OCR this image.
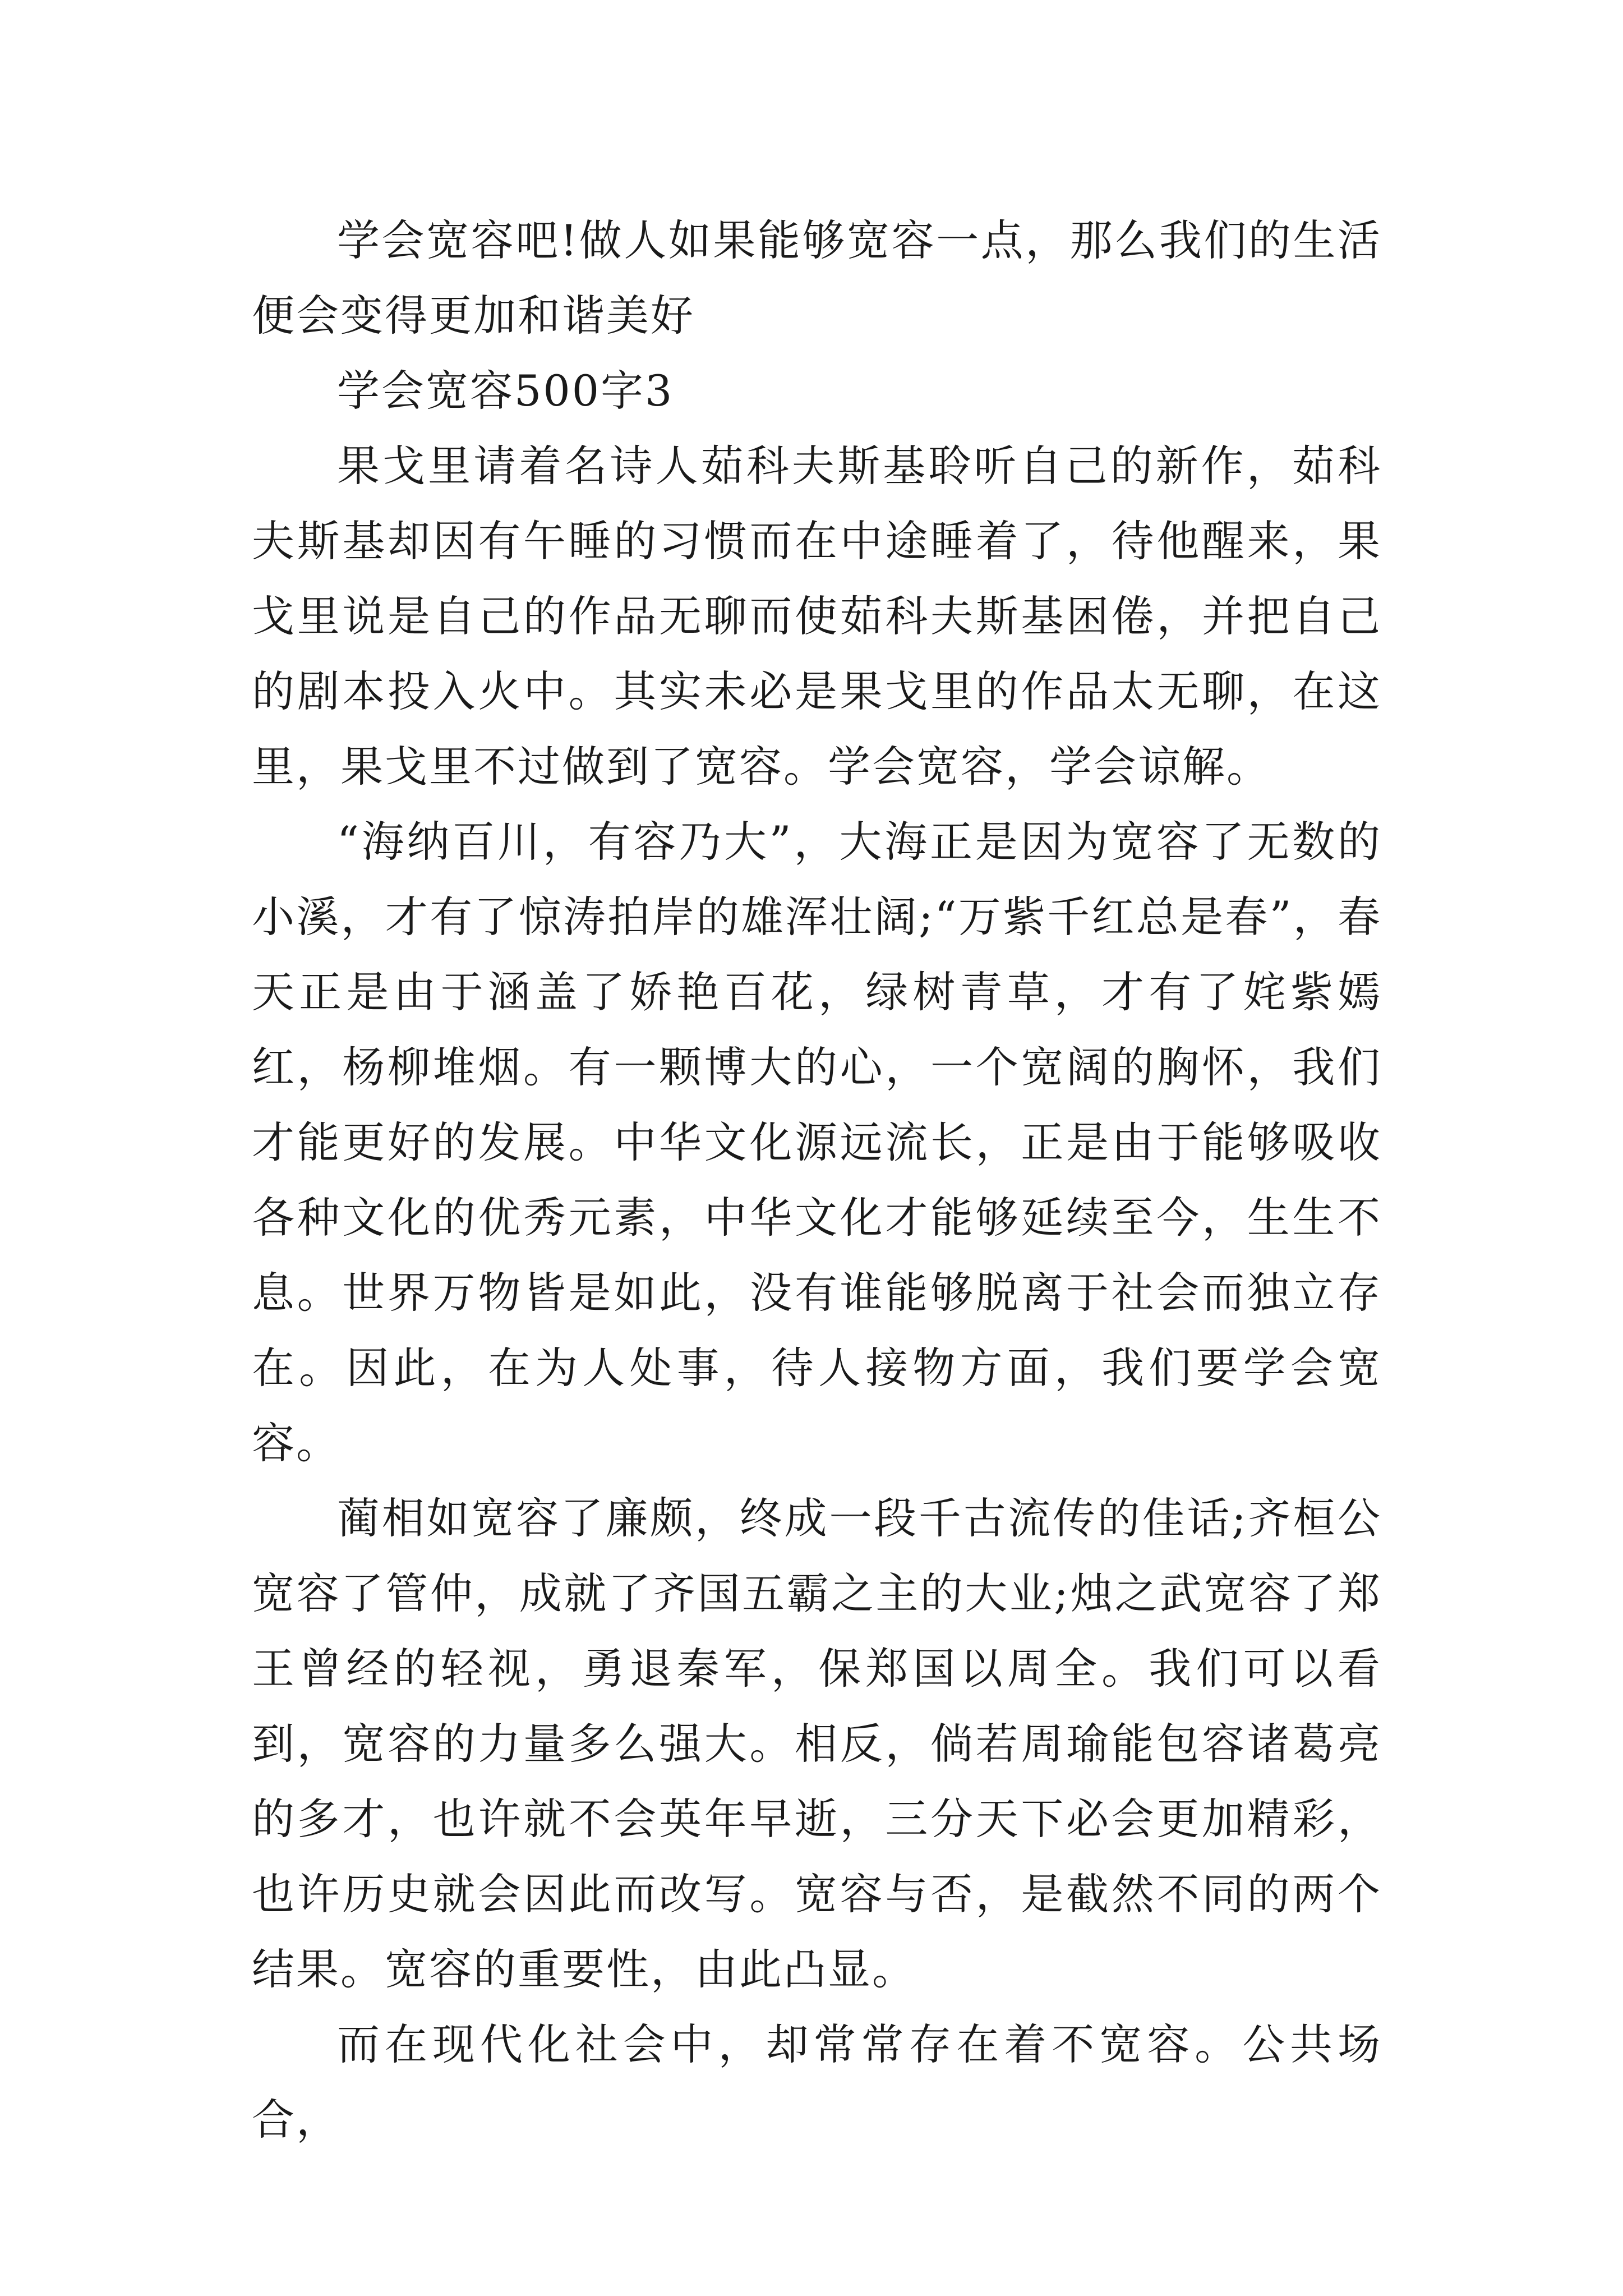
学会宽容吧!做人如果能够宽容一点，那么我们的生活便会变得更加和谐美好

学会宽容500字3

果戈里请着名诗人茹科夫斯基聆听自己的新作，茹科夫斯基却因有午睡的习惯而在中途睡着了，待他醒来，果戈里说是自己的作品无聊而使茹科夫斯基困倦，并把自己的剧本投入火中。其实未必是果戈里的作品太无聊，在这里，果戈里不过做到了宽容。学会宽容，学会谅解。

“海纳百川，有容乃大”，大海正是因为宽容了无数的小溪，才有了惊涛拍岸的雄浑壮阔;“万紫千红总是春”，春天正是由于涵盖了娇艳百花，绿树青草，才有了姹紫嫣红，杨柳堆烟。有一颗博大的心，一个宽阔的胸怀，我们才能更好的发展。中华文化源远流长，正是由于能够吸收各种文化的优秀元素，中华文化才能够延续至今，生生不息。世界万物皆是如此，没有谁能够脱离于社会而独立存在。因此，在为人处事，待人接物方面，我们要学会宽容。

蔺相如宽容了廉颇，终成一段千古流传的佳话;齐桓公宽容了管仲，成就了齐国五霸之主的大业;烛之武宽容了郑王曾经的轻视，勇退秦军，保郑国以周全。我们可以看到，宽容的力量多么强大。相反，倘若周瑜能包容诸葛亮的多才，也许就不会英年早逝，三分天下必会更加精彩，也许历史就会因此而改写。宽容与否，是截然不同的两个结果。宽容的重要性，由此凸显。

而在现代化社会中，却常常存在着不宽容。公共场合，
